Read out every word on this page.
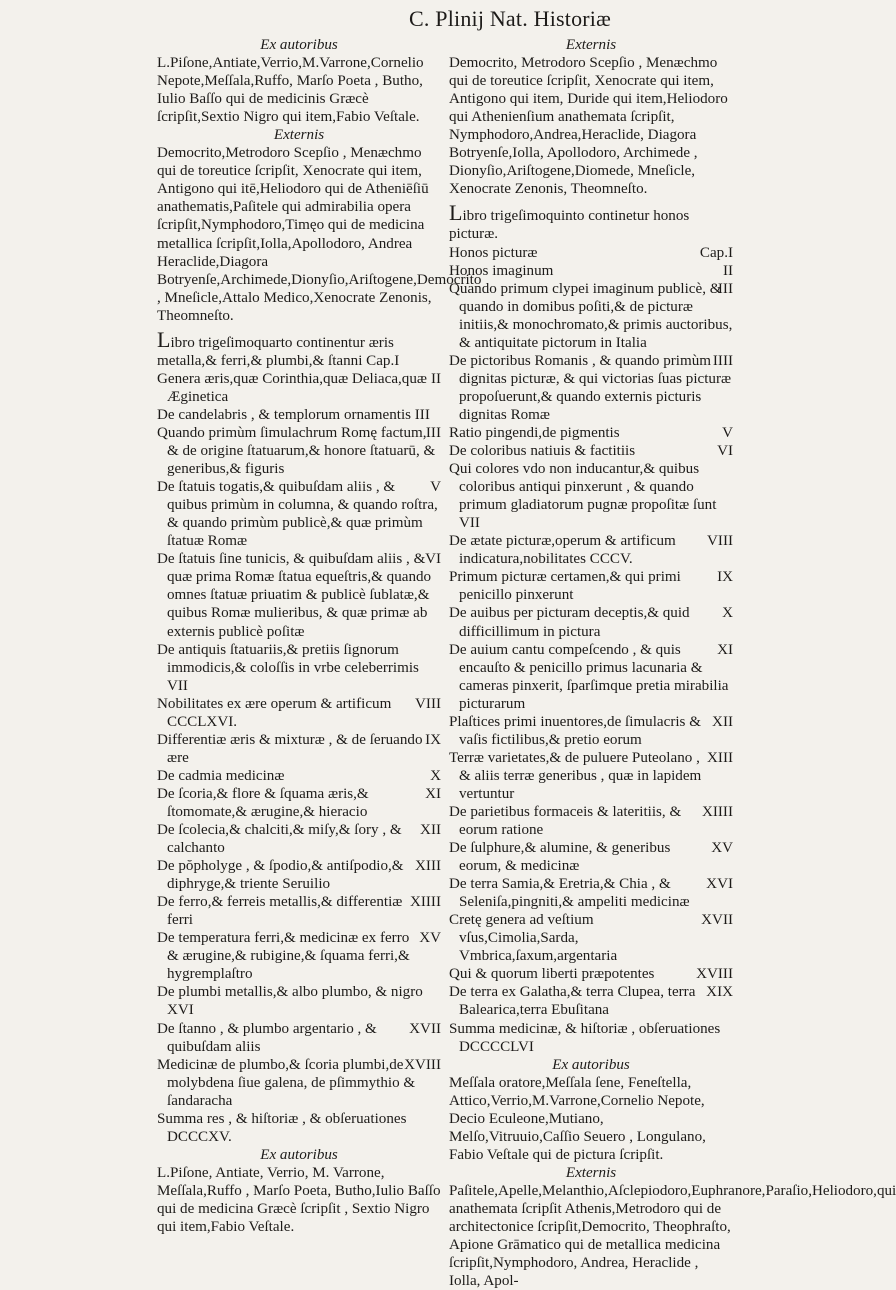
C. Plinij Nat. Historiæ
Ex autoribus
L.Piſone,Antiate,Verrio,M.Varrone,Cornelio Nepote,Meſſala,Ruffo, Marſo Poeta , Butho, Iulio Baſſo qui de medicinis Græcè ſcripſit,Sextio Nigro qui item,Fabio Veſtale.
Externis
Democrito,Metrodoro Scepſio , Menæchmo qui de toreutice ſcripſit, Xenocrate qui item, Antigono qui itē,Heliodoro qui de Atheniēſiū anathematis,Paſitele qui admirabilia opera ſcripſit,Nymphodoro,Timęo qui de medicina metallica ſcripſit,Iolla,Apollodoro, Andrea Heraclide,Diagora Botryenſe,Archimede,Dionyſio,Ariſtogene,Democrito , Mneſicle,Attalo Medico,Xenocrate Zenonis, Theomneſto.
Libro trigeſimoquarto continentur æris metalla,& ferri,& plumbi,& ſtanni Cap.I
II
Genera æris,quæ Corinthia,quæ Deliaca,quæ Æginetica
De candelabris , & templorum ornamentis III
III
Quando primùm ſimulachrum Romę factum, & de origine ſtatuarum,& honore ſtatuarū, & generibus,& figuris
V
De ſtatuis togatis,& quibuſdam aliis , & quibus primùm in columna, & quando roſtra, & quando primùm publicè,& quæ primùm ſtatuæ Romæ
VI
De ſtatuis ſine tunicis, & quibuſdam aliis , & quæ prima Romæ ſtatua equeſtris,& quando omnes ſtatuæ priuatim & publicè ſublatæ,& quibus Romæ mulieribus, & quæ primæ ab externis publicè poſitæ
De antiquis ſtatuariis,& pretiis ſignorum immodicis,& coloſſis in vrbe celeberrimis VII
VIII
Nobilitates ex ære operum & artificum CCCLXVI.
IX
Differentiæ æris & mixturæ , & de ſeruando ære
X
De cadmia medicinæ
XI
De ſcoria,& flore & ſquama æris,& ſtomomate,& ærugine,& hieracio
XII
De ſcolecia,& chalciti,& miſy,& ſory , & calchanto
XIII
De pŏpholyge , & ſpodio,& antiſpodio,& diphryge,& triente Seruilio
XIIII
De ferro,& ferreis metallis,& differentiæ ferri
XV
De temperatura ferri,& medicinæ ex ferro & ærugine,& rubigine,& ſquama ferri,& hygremplaſtro
De plumbi metallis,& albo plumbo, & nigro XVI
XVII
De ſtanno , & plumbo argentario , & quibuſdam aliis
XVIII
Medicinæ de plumbo,& ſcoria plumbi,de molybdena ſiue galena, de pſimmythio & ſandaracha
Summa res , & hiſtoriæ , & obſeruationes DCCCXV.
Ex autoribus
L.Piſone, Antiate, Verrio, M. Varrone, Meſſala,Ruffo , Marſo Poeta, Butho,Iulio Baſſo qui de medicina Græcè ſcripſit , Sextio Nigro qui item,Fabio Veſtale.
Externis
Democrito, Metrodoro Scepſio , Menæchmo qui de toreutice ſcripſit, Xenocrate qui item, Antigono qui item, Duride qui item,Heliodoro qui Athenienſium anathemata ſcripſit, Nymphodoro,Andrea,Heraclide, Diagora Botryenſe,Iolla, Apollodoro, Archimede , Dionyſio,Ariſtogene,Diomede, Mneſicle, Xenocrate Zenonis, Theomneſto.
Libro trigeſimoquinto continetur honos picturæ.
Cap.I
Honos picturæ
II
Honos imaginum
III
Quando primum clypei imaginum publicè, & quando in domibus poſiti,& de picturæ initiis,& monochromato,& primis auctoribus, & antiquitate pictorum in Italia
IIII
De pictoribus Romanis , & quando primùm dignitas picturæ, & qui victorias ſuas picturæ propoſuerunt,& quando externis picturis dignitas Romæ
V
Ratio pingendi,de pigmentis
VI
De coloribus natiuis & factitiis
Qui colores vdo non inducantur,& quibus coloribus antiqui pinxerunt , & quando primum gladiatorum pugnæ propoſitæ ſunt VII
VIII
De ætate picturæ,operum & artificum indicatura,nobilitates CCCV.
IX
Primum picturæ certamen,& qui primi penicillo pinxerunt
X
De auibus per picturam deceptis,& quid difficillimum in pictura
XI
De auium cantu compeſcendo , & quis encauſto & penicillo primus lacunaria & cameras pinxerit, ſparſimque pretia mirabilia picturarum
XII
Plaſtices primi inuentores,de ſimulacris & vaſis fictilibus,& pretio eorum
XIII
Terræ varietates,& de puluere Puteolano , & aliis terræ generibus , quæ in lapidem vertuntur
XIIII
De parietibus formaceis & lateritiis, & eorum ratione
XV
De ſulphure,& alumine, & generibus eorum, & medicinæ
XVI
De terra Samia,& Eretria,& Chia , & Seleniſa,pingniti,& ampeliti medicinæ
XVII
Cretę genera ad veſtium vſus,Cimolia,Sarda, Vmbrica,ſaxum,argentaria
XVIII
Qui & quorum liberti præpotentes
XIX
De terra ex Galatha,& terra Clupea, terra Balearica,terra Ebuſitana
Summa medicinæ, & hiſtoriæ , obſeruationes DCCCCLVI
Ex autoribus
Meſſala oratore,Meſſala ſene, Feneſtella, Attico,Verrio,M.Varrone,Cornelio Nepote, Decio Eculeone,Mutiano, Melſo,Vitruuio,Caſſio Seuero , Longulano, Fabio Veſtale qui de pictura ſcripſit.
Externis
Paſitele,Apelle,Melanthio,Aſclepiodoro,Euphranore,Paraſio,Heliodoro,qui anathemata ſcripſit Athenis,Metrodoro qui de architectonice ſcripſit,Democrito, Theophraſto, Apione Grāmatico qui de metallica medicina ſcripſit,Nymphodoro, Andrea, Heraclide , Iolla, Apol-
